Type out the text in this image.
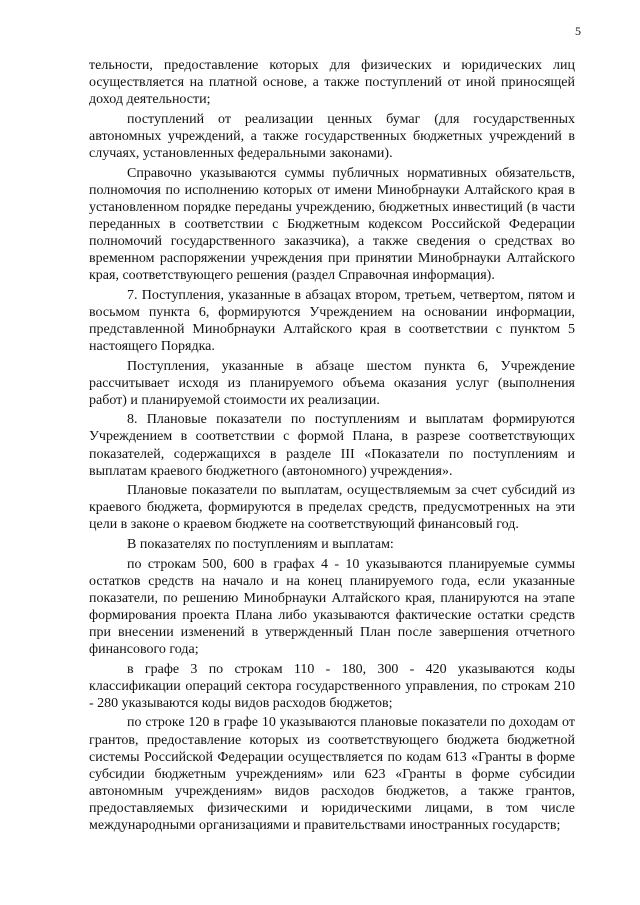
5

тельности, предоставление которых для физических и юридических лиц осуществляется на платной основе, а также поступлений от иной приносящей доход деятельности;

поступлений от реализации ценных бумаг (для государственных автономных учреждений, а также государственных бюджетных учреждений в случаях, установленных федеральными законами).

Справочно указываются суммы публичных нормативных обязательств, полномочия по исполнению которых от имени Минобрнауки Алтайского края в установленном порядке переданы учреждению, бюджетных инвестиций (в части переданных в соответствии с Бюджетным кодексом Российской Федерации полномочий государственного заказчика), а также сведения о средствах во временном распоряжении учреждения при принятии Минобрнауки Алтайского края, соответствующего решения (раздел Справочная информация).

7. Поступления, указанные в абзацах втором, третьем, четвертом, пятом и восьмом пункта 6, формируются Учреждением на основании информации, представленной Минобрнауки Алтайского края в соответствии с пунктом 5 настоящего Порядка.

Поступления, указанные в абзаце шестом пункта 6, Учреждение рассчитывает исходя из планируемого объема оказания услуг (выполнения работ) и планируемой стоимости их реализации.

8. Плановые показатели по поступлениям и выплатам формируются Учреждением в соответствии с формой Плана, в разрезе соответствующих показателей, содержащихся в разделе III «Показатели по поступлениям и выплатам краевого бюджетного (автономного) учреждения».

Плановые показатели по выплатам, осуществляемым за счет субсидий из краевого бюджета, формируются в пределах средств, предусмотренных на эти цели в законе о краевом бюджете на соответствующий финансовый год.

В показателях по поступлениям и выплатам:

по строкам 500, 600 в графах 4 - 10 указываются планируемые суммы остатков средств на начало и на конец планируемого года, если указанные показатели, по решению Минобрнауки Алтайского края, планируются на этапе формирования проекта Плана либо указываются фактические остатки средств при внесении изменений в утвержденный План после завершения отчетного финансового года;

в графе 3 по строкам 110 - 180, 300 - 420 указываются коды классификации операций сектора государственного управления, по строкам 210 - 280 указываются коды видов расходов бюджетов;

по строке 120 в графе 10 указываются плановые показатели по доходам от грантов, предоставление которых из соответствующего бюджета бюджетной системы Российской Федерации осуществляется по кодам 613 «Гранты в форме субсидии бюджетным учреждениям» или 623 «Гранты в форме субсидии автономным учреждениям» видов расходов бюджетов, а также грантов, предоставляемых физическими и юридическими лицами, в том числе международными организациями и правительствами иностранных государств;
